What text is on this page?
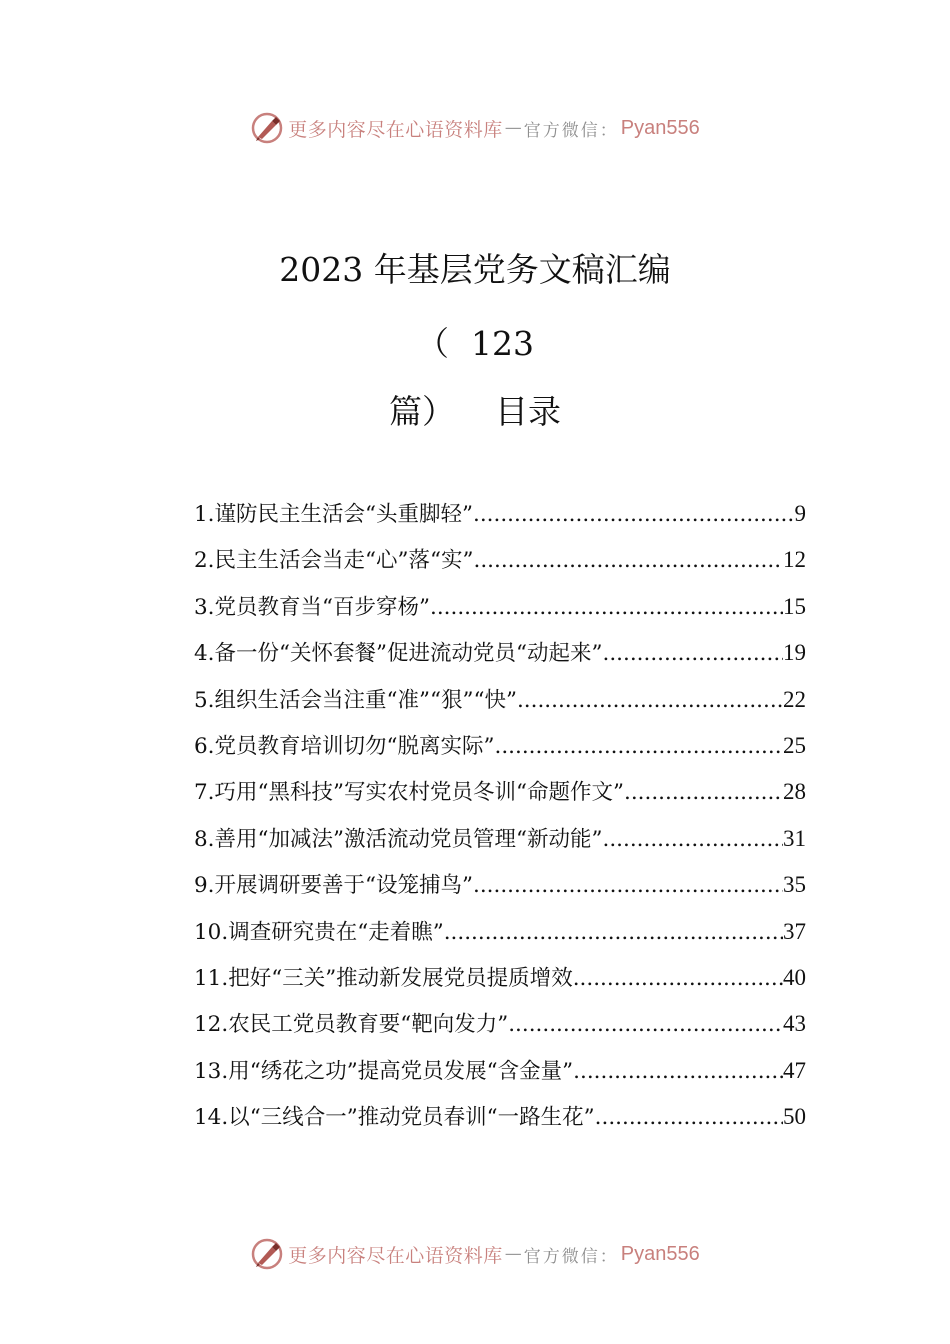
更多内容尽在心语资料库 — 官方微信： Pyan556
2023 年基层党务文稿汇编
（ 123
篇） 目录
1. 谨防民主生活会“头重脚轻” .....	9
2. 民主生活会当走“心”落“实” .....	12
3. 党员教育当“百步穿杨” .....	15
4. 备一份“关怀套餐”促进流动党员“动起来” .....	19
5. 组织生活会当注重“准”“狠”“快” .....	22
6. 党员教育培训切勿“脱离实际” .....	25
7. 巧用“黑科技”写实农村党员冬训“命题作文” .....	28
8. 善用“加减法”激活流动党员管理“新动能” .....	31
9. 开展调研要善于“设笼捕鸟” .....	35
10. 调查研究贵在“走着瞧” .....	37
11. 把好“三关”推动新发展党员提质增效 .....	40
12. 农民工党员教育要“靶向发力” .....	43
13. 用“绣花之功”提高党员发展“含金量” .....	47
14. 以“三线合一”推动党员春训“一路生花” .....	50
更多内容尽在心语资料库 — 官方微信： Pyan556
